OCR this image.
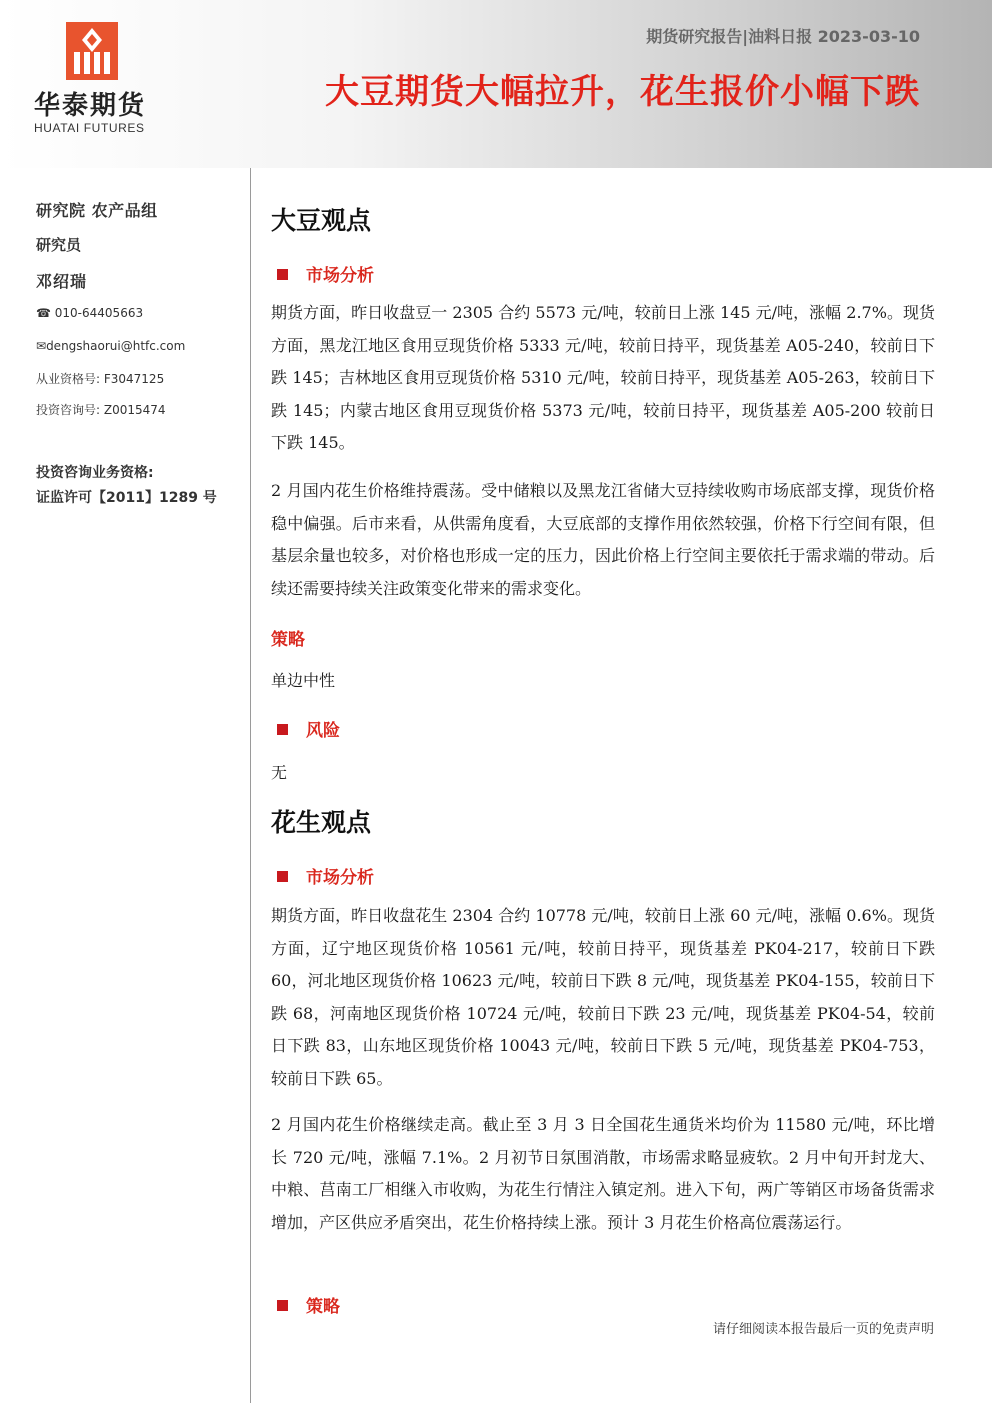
华泰期货
HUATAI FUTURES
期货研究报告|油料日报 2023-03-10
大豆期货大幅拉升，花生报价小幅下跌
研究院 农产品组
研究员
邓绍瑞
☎ 010-64405663
✉dengshaorui@htfc.com
从业资格号: F3047125
投资咨询号: Z0015474
投资咨询业务资格:
证监许可【2011】1289 号
大豆观点
市场分析

期货方面，昨日收盘豆一 2305 合约 5573 元/吨，较前日上涨 145 元/吨，涨幅 2.7%。现货方面，黑龙江地区食用豆现货价格 5333 元/吨，较前日持平，现货基差 A05-240，较前日下跌 145；吉林地区食用豆现货价格 5310 元/吨，较前日持平，现货基差 A05-263，较前日下跌 145；内蒙古地区食用豆现货价格 5373 元/吨，较前日持平，现货基差 A05-200 较前日下跌 145。

2 月国内花生价格维持震荡。受中储粮以及黑龙江省储大豆持续收购市场底部支撑，现货价格稳中偏强。后市来看，从供需角度看，大豆底部的支撑作用依然较强，价格下行空间有限，但基层余量也较多，对价格也形成一定的压力，因此价格上行空间主要依托于需求端的带动。后续还需要持续关注政策变化带来的需求变化。

策略
单边中性
风险
无
花生观点
市场分析

期货方面，昨日收盘花生 2304 合约 10778 元/吨，较前日上涨 60 元/吨，涨幅 0.6%。现货方面，辽宁地区现货价格 10561 元/吨，较前日持平，现货基差 PK04-217，较前日下跌 60，河北地区现货价格 10623 元/吨，较前日下跌 8 元/吨，现货基差 PK04-155，较前日下跌 68，河南地区现货价格 10724 元/吨，较前日下跌 23 元/吨，现货基差 PK04-54，较前日下跌 83，山东地区现货价格 10043 元/吨，较前日下跌 5 元/吨，现货基差 PK04-753，较前日下跌 65。

2 月国内花生价格继续走高。截止至 3 月 3 日全国花生通货米均价为 11580 元/吨，环比增长 720 元/吨，涨幅 7.1%。2 月初节日氛围消散，市场需求略显疲软。2 月中旬开封龙大、中粮、莒南工厂相继入市收购，为花生行情注入镇定剂。进入下旬，两广等销区市场备货需求增加，产区供应矛盾突出，花生价格持续上涨。预计 3 月花生价格高位震荡运行。

策略
请仔细阅读本报告最后一页的免责声明
